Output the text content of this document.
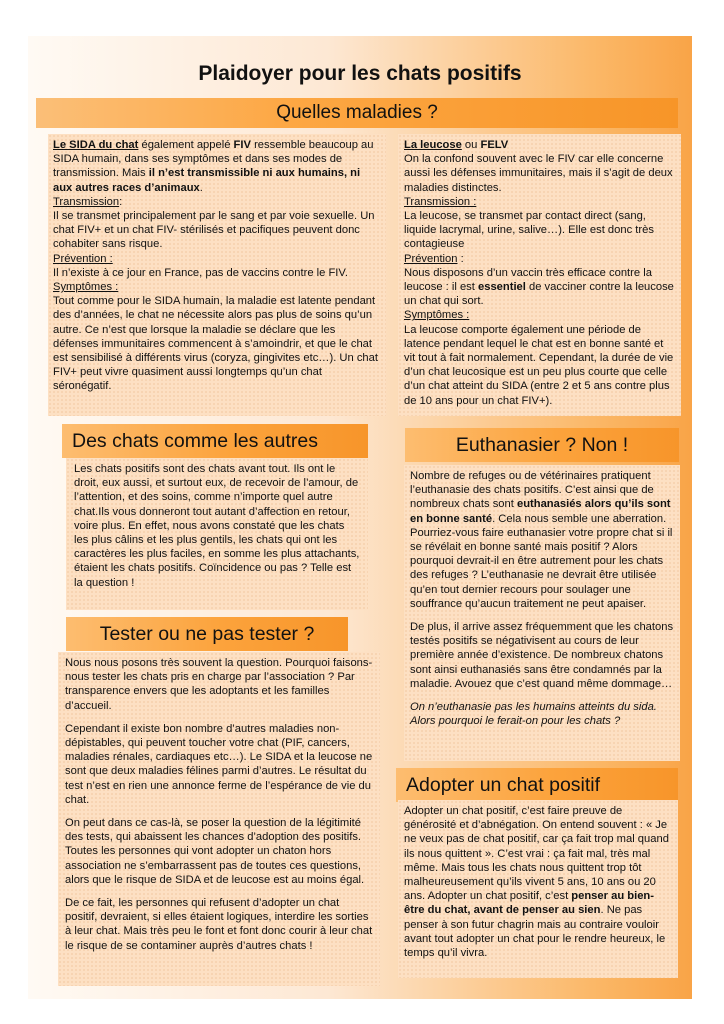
Plaidoyer pour les chats positifs
Quelles maladies ?

Le SIDA du chat également appelé FIV ressemble beaucoup au SIDA humain, dans ses symptômes et dans ses modes de transmission. Mais il n’est transmissible ni aux humains, ni aux autres races d’animaux.

Transmission:

Il se transmet principalement par le sang et par voie sexuelle. Un chat FIV+ et un chat FIV- stérilisés et pacifiques peuvent donc cohabiter sans risque.

Prévention :

Il n’existe à ce jour en France, pas de vaccins contre le FIV.

Symptômes :

Tout comme pour le SIDA humain, la maladie est latente pendant des d’années, le chat ne nécessite alors pas plus de soins qu’un autre. Ce n’est que lorsque la maladie se déclare que les défenses immunitaires commencent à s’amoindrir, et que le chat est sensibilisé à différents virus (coryza, gingivites etc…). Un chat FIV+ peut vivre quasiment aussi longtemps qu’un chat séronégatif.

La leucose ou FELV

On la confond souvent avec le FIV car elle concerne aussi les défenses immunitaires, mais il s’agit de deux maladies distinctes.

Transmission :

La leucose, se transmet par contact direct (sang, liquide lacrymal, urine, salive…). Elle est donc très contagieuse

Prévention :

Nous disposons d’un vaccin très efficace contre la leucose : il est essentiel de vacciner contre la leucose un chat qui sort.

Symptômes :

La leucose comporte également une période de latence pendant lequel le chat est en bonne santé et vit tout à fait normalement. Cependant, la durée de vie d’un chat leucosique est un peu plus courte que celle d’un chat atteint du SIDA (entre 2 et 5 ans contre plus de 10 ans pour un chat FIV+).

Des chats comme les autres

Les chats positifs sont des chats avant tout. Ils ont le droit, eux aussi, et surtout eux, de recevoir de l’amour, de l’attention, et des soins, comme n’importe quel autre chat.Ils vous donneront tout autant d’affection en retour, voire plus. En effet, nous avons constaté que les chats les plus câlins et les plus gentils, les chats qui ont les caractères les plus faciles, en somme les plus attachants, étaient les chats positifs. Coïncidence ou pas ? Telle est la question !

Tester ou ne pas tester ?

Nous nous posons très souvent la question. Pourquoi faisons-nous tester les chats pris en charge par l’association ? Par transparence envers que les adoptants et les familles d’accueil.

Cependant il existe bon nombre d’autres maladies non-dépistables, qui peuvent toucher votre chat (PIF, cancers, maladies rénales, cardiaques etc…). Le SIDA et la leucose ne sont que deux maladies félines parmi d’autres. Le résultat du test n’est en rien une annonce ferme de l’espérance de vie du chat.

On peut dans ce cas-là, se poser la question de la légitimité des tests, qui abaissent les chances d’adoption des positifs. Toutes les personnes qui vont adopter un chaton hors association ne s’embarrassent pas de toutes ces questions, alors que le risque de SIDA et de leucose est au moins égal.

De ce fait, les personnes qui refusent d’adopter un chat positif, devraient, si elles étaient logiques, interdire les sorties à leur chat. Mais très peu le font et font donc courir à leur chat le risque de se contaminer auprès d’autres chats !

Euthanasier ? Non !

Nombre de refuges ou de vétérinaires pratiquent l’euthanasie des chats positifs. C’est ainsi que de nombreux chats sont euthanasiés alors qu’ils sont en bonne santé. Cela nous semble une aberration. Pourriez-vous faire euthanasier votre propre chat si il se révélait en bonne santé mais positif ? Alors pourquoi devrait-il en être autrement pour les chats des refuges ? L’euthanasie ne devrait être utilisée qu’en tout dernier recours pour soulager une souffrance qu’aucun traitement ne peut apaiser.

De plus, il arrive assez fréquemment que les chatons testés positifs se négativisent au cours de leur première année d’existence. De nombreux chatons sont ainsi euthanasiés sans être condamnés par la maladie. Avouez que c’est quand même dommage…

On n’euthanasie pas les humains atteints du sida. Alors pourquoi le ferait-on pour les chats ?

Adopter un chat positif

Adopter un chat positif, c’est faire preuve de générosité et d’abnégation. On entend souvent : « Je ne veux pas de chat positif, car ça fait trop mal quand ils nous quittent ». C’est vrai : ça fait mal, très mal même. Mais tous les chats nous quittent trop tôt malheureusement qu’ils vivent 5 ans, 10 ans ou 20 ans. Adopter un chat positif, c’est penser au bien-être du chat, avant de penser au sien. Ne pas penser à son futur chagrin mais au contraire vouloir avant tout adopter un chat pour le rendre heureux, le temps qu’il vivra.
